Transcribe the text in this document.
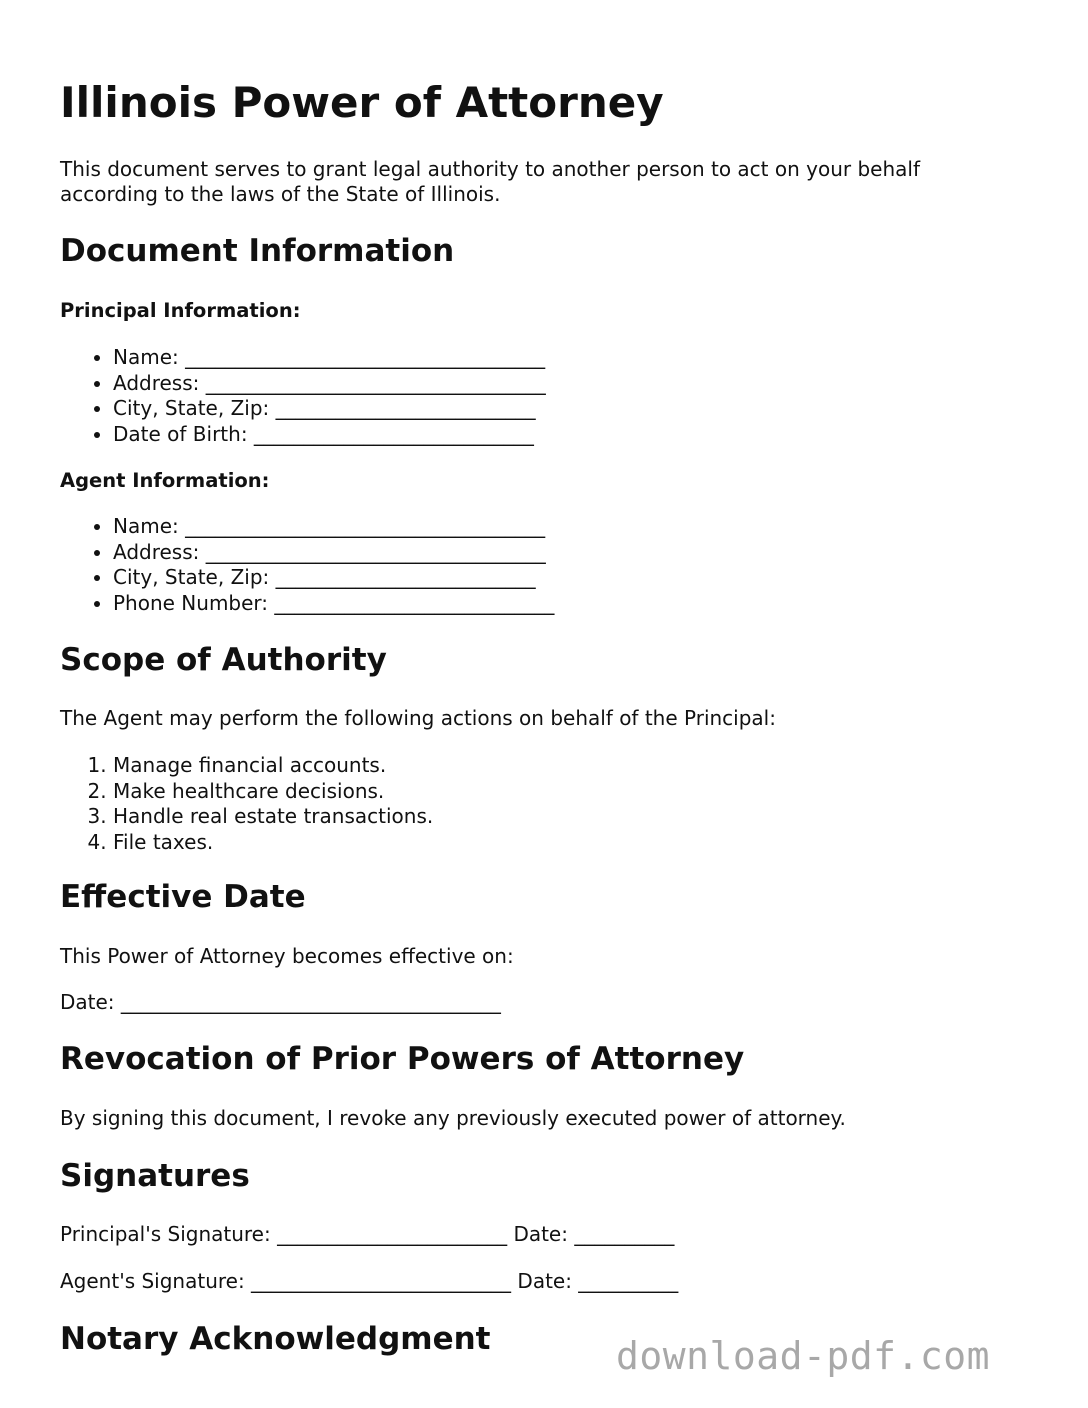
Illinois Power of Attorney

This document serves to grant legal authority to another person to act on your behalf according to the laws of the State of Illinois.

Document Information
Principal Information:
• Name: ____________________________________
• Address: __________________________________
• City, State, Zip: __________________________
• Date of Birth: ____________________________
Agent Information:
• Name: ____________________________________
• Address: __________________________________
• City, State, Zip: __________________________
• Phone Number: ____________________________
Scope of Authority

The Agent may perform the following actions on behalf of the Principal:

1. Manage financial accounts.
2. Make healthcare decisions.
3. Handle real estate transactions.
4. File taxes.
Effective Date

This Power of Attorney becomes effective on:

Date: ______________________________________

Revocation of Prior Powers of Attorney

By signing this document, I revoke any previously executed power of attorney.

Signatures

Principal's Signature: _______________________ Date: __________

Agent's Signature: __________________________ Date: __________

Notary Acknowledgment	download-pdf.com
